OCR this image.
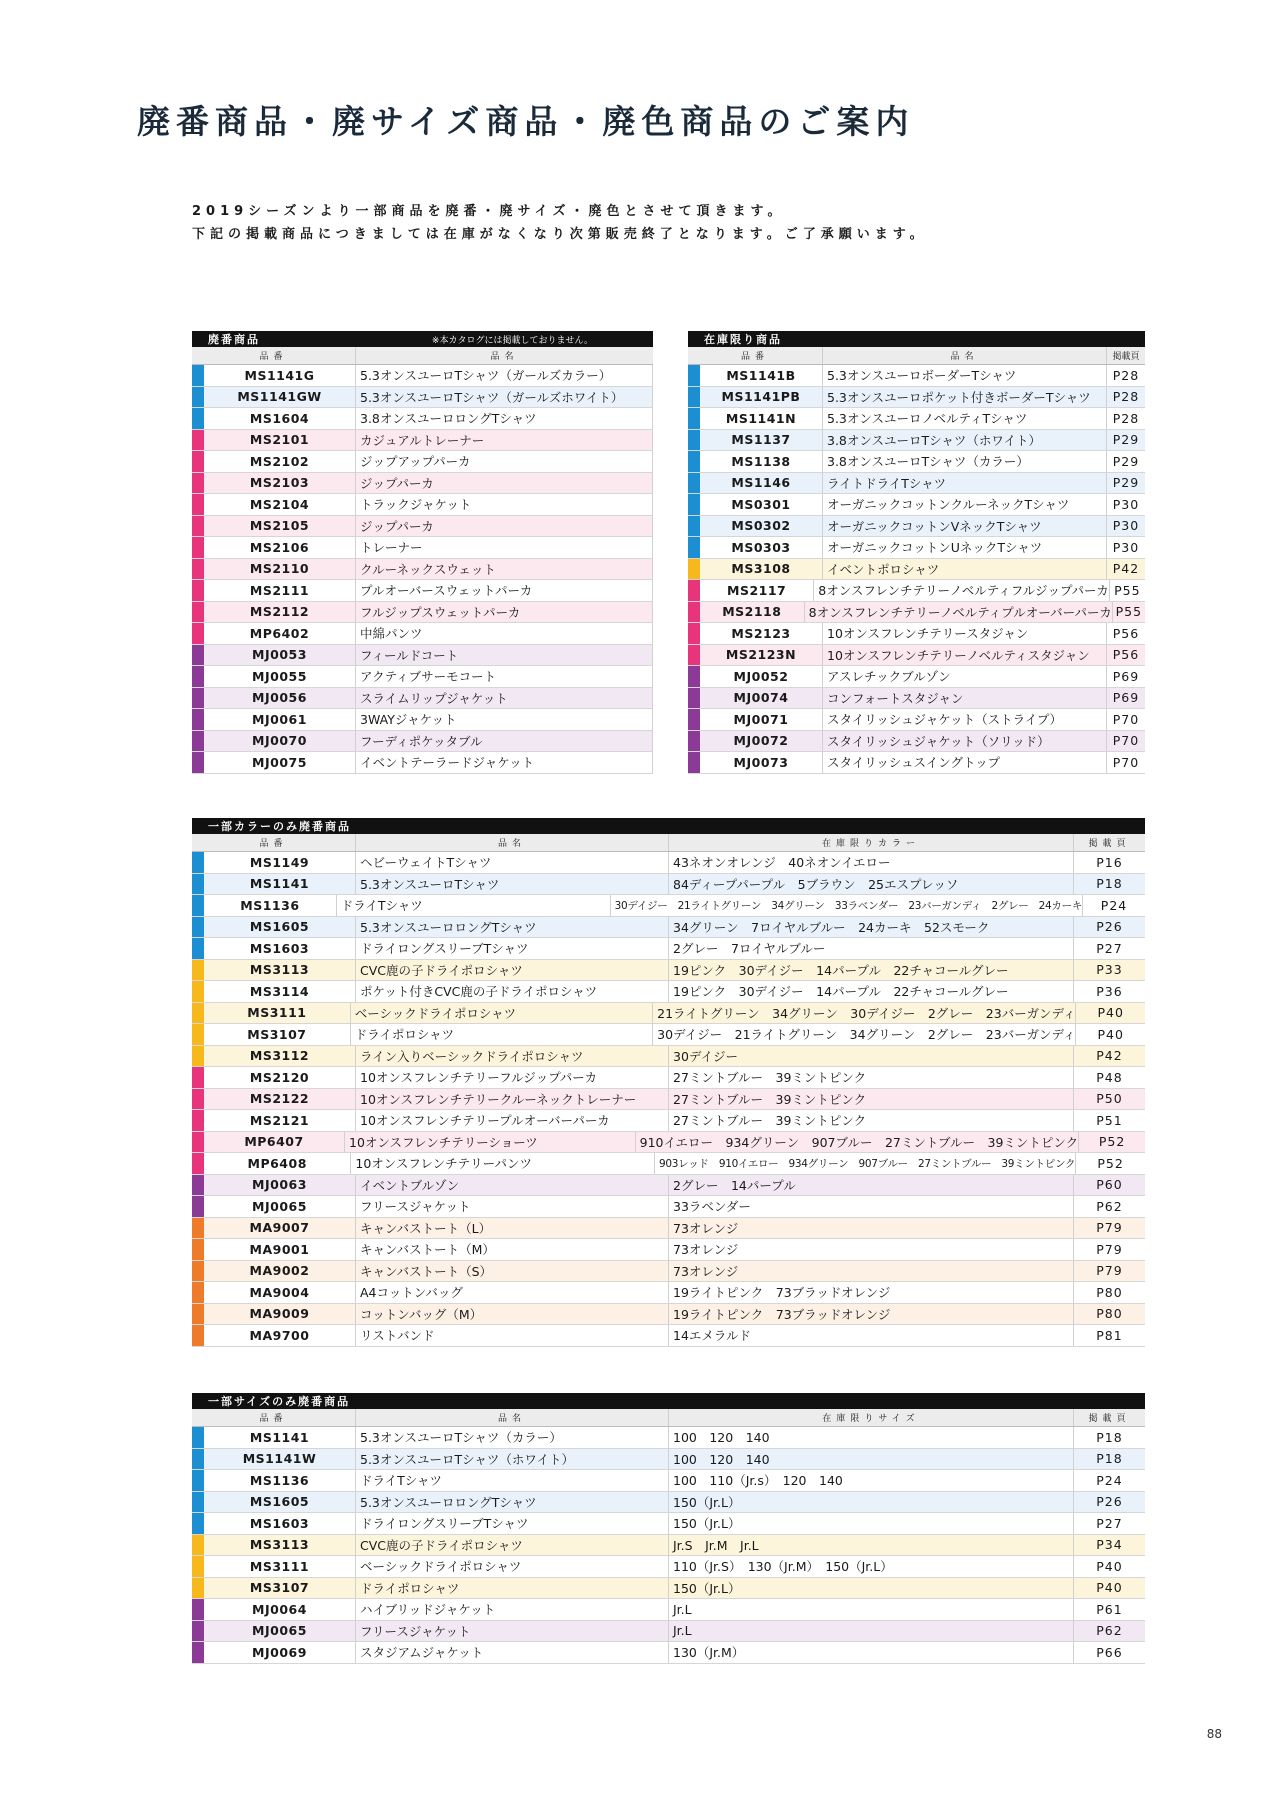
廃番商品・廃サイズ商品・廃色商品のご案内
2019シーズンより一部商品を廃番・廃サイズ・廃色とさせて頂きます。
下記の掲載商品につきましては在庫がなくなり次第販売終了となります。ご了承願います。
廃番商品	※本カタログには掲載しておりません。
品番	品名
MS1141G	5.3オンスユーロTシャツ（ガールズカラー）
MS1141GW	5.3オンスユーロTシャツ（ガールズホワイト）
MS1604	3.8オンスユーロロングTシャツ
MS2101	カジュアルトレーナー
MS2102	ジップアップパーカ
MS2103	ジップパーカ
MS2104	トラックジャケット
MS2105	ジップパーカ
MS2106	トレーナー
MS2110	クルーネックスウェット
MS2111	プルオーバースウェットパーカ
MS2112	フルジップスウェットパーカ
MP6402	中綿パンツ
MJ0053	フィールドコート
MJ0055	アクティブサーモコート
MJ0056	スライムリップジャケット
MJ0061	3WAYジャケット
MJ0070	フーディポケッタブル
MJ0075	イベントテーラードジャケット
在庫限り商品
品番	品名	掲載頁
MS1141B	5.3オンスユーロボーダーTシャツ	P28
MS1141PB	5.3オンスユーロポケット付きボーダーTシャツ	P28
MS1141N	5.3オンスユーロノベルティTシャツ	P28
MS1137	3.8オンスユーロTシャツ（ホワイト）	P29
MS1138	3.8オンスユーロTシャツ（カラー）	P29
MS1146	ライトドライTシャツ	P29
MS0301	オーガニックコットンクルーネックTシャツ	P30
MS0302	オーガニックコットンVネックTシャツ	P30
MS0303	オーガニックコットンUネックTシャツ	P30
MS3108	イベントポロシャツ	P42
MS2117	8オンスフレンチテリーノベルティフルジップパーカ P55
MS2118	8オンスフレンチテリーノベルティプルオーバーパーカ P55
MS2123	10オンスフレンチテリースタジャン	P56
MS2123N	10オンスフレンチテリーノベルティスタジャン	P56
MJ0052	アスレチックブルゾン	P69
MJ0074	コンフォートスタジャン	P69
MJ0071	スタイリッシュジャケット（ストライプ）	P70
MJ0072	スタイリッシュジャケット（ソリッド）	P70
MJ0073	スタイリッシュスイングトップ	P70
一部カラーのみ廃番商品
品番	品名	在庫限りカラー	掲載頁
MS1149	ヘビーウェイトTシャツ	43ネオンオレンジ　40ネオンイエロー	P16
MS1141	5.3オンスユーロTシャツ	84ディープパープル　5ブラウン　25エスプレッソ	P18
MS1136	ドライTシャツ	30デイジー　21ライトグリーン　34グリーン　33ラベンダー　23バーガンディ　2グレー　24カーキ	P24
MS1605	5.3オンスユーロロングTシャツ	34グリーン　7ロイヤルブルー　24カーキ　52スモーク	P26
MS1603	ドライロングスリーブTシャツ	2グレー　7ロイヤルブルー	P27
MS3113	CVC鹿の子ドライポロシャツ	19ピンク　30デイジー　14パープル　22チャコールグレー	P33
MS3114	ポケット付きCVC鹿の子ドライポロシャツ	19ピンク　30デイジー　14パープル　22チャコールグレー	P36
MS3111	ベーシックドライポロシャツ	21ライトグリーン　34グリーン　30デイジー　2グレー　23バーガンディ	P40
MS3107	ドライポロシャツ	30デイジー　21ライトグリーン　34グリーン　2グレー　23バーガンディ	P40
MS3112	ライン入りベーシックドライポロシャツ	30デイジー	P42
MS2120	10オンスフレンチテリーフルジップパーカ	27ミントブルー　39ミントピンク	P48
MS2122	10オンスフレンチテリークルーネックトレーナー	27ミントブルー　39ミントピンク	P50
MS2121	10オンスフレンチテリープルオーバーパーカ	27ミントブルー　39ミントピンク	P51
MP6407	10オンスフレンチテリーショーツ	910イエロー　934グリーン　907ブルー　27ミントブルー　39ミントピンク	P52
MP6408	10オンスフレンチテリーパンツ	903レッド　910イエロー　934グリーン　907ブルー　27ミントブルー　39ミントピンク	P52
MJ0063	イベントブルゾン	2グレー　14パープル	P60
MJ0065	フリースジャケット	33ラベンダー	P62
MA9007	キャンバストート（L）	73オレンジ	P79
MA9001	キャンバストート（M）	73オレンジ	P79
MA9002	キャンバストート（S）	73オレンジ	P79
MA9004	A4コットンバッグ	19ライトピンク　73ブラッドオレンジ	P80
MA9009	コットンバッグ（M）	19ライトピンク　73ブラッドオレンジ	P80
MA9700	リストバンド	14エメラルド	P81
一部サイズのみ廃番商品
品番	品名	在庫限りサイズ	掲載頁
MS1141	5.3オンスユーロTシャツ（カラー）	100　120　140	P18
MS1141W	5.3オンスユーロTシャツ（ホワイト）	100　120　140	P18
MS1136	ドライTシャツ	100　110（Jr.s）　120　140	P24
MS1605	5.3オンスユーロロングTシャツ	150（Jr.L）	P26
MS1603	ドライロングスリーブTシャツ	150（Jr.L）	P27
MS3113	CVC鹿の子ドライポロシャツ	Jr.S　Jr.M　Jr.L	P34
MS3111	ベーシックドライポロシャツ	110（Jr.S）　130（Jr.M）　150（Jr.L）	P40
MS3107	ドライポロシャツ	150（Jr.L）	P40
MJ0064	ハイブリッドジャケット	Jr.L	P61
MJ0065	フリースジャケット	Jr.L	P62
MJ0069	スタジアムジャケット	130（Jr.M）	P66
88
